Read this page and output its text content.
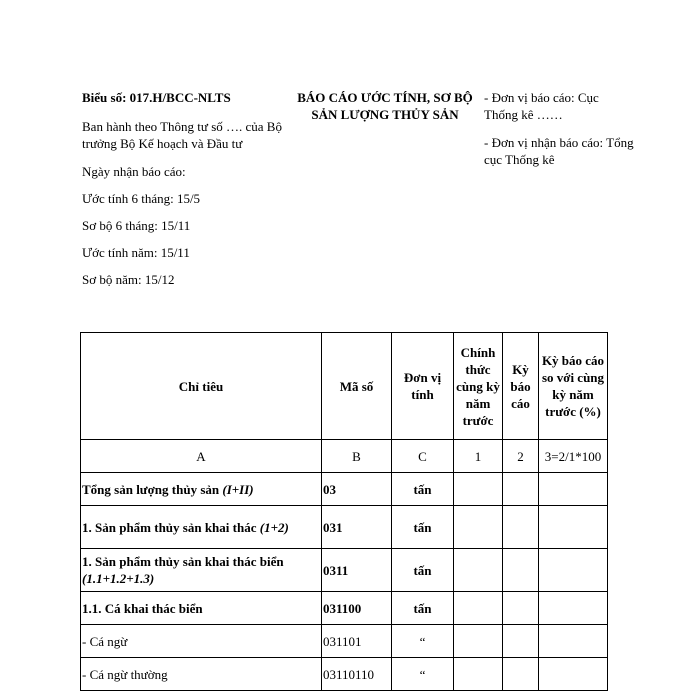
Biểu số: 017.H/BCC-NLTS
Ban hành theo Thông tư số …. của Bộ trưởng Bộ Kế hoạch và Đầu tư
Ngày nhận báo cáo:
Ước tính 6 tháng: 15/5
Sơ bộ 6 tháng: 15/11
Ước tính năm: 15/11
Sơ bộ năm: 15/12
BÁO CÁO ƯỚC TÍNH, SƠ BỘ
SẢN LƯỢNG THỦY SẢN
- Đơn vị báo cáo: Cục Thống kê ……
- Đơn vị nhận báo cáo: Tổng cục Thống kê
Chỉ tiêu	Mã số	Đơn vị tính	Chính thức cùng kỳ năm trước	Kỳ báo cáo	Kỳ báo cáo so với cùng kỳ năm trước (%)
A	B	C	1	2	3=2/1*100
Tổng sản lượng thủy sản (I+II)	03	tấn			
1. Sản phẩm thủy sản khai thác (1+2)	031	tấn			
1. Sản phẩm thủy sản khai thác biển (1.1+1.2+1.3)	0311	tấn			
1.1. Cá khai thác biển	031100	tấn			
- Cá ngừ	031101	“			
- Cá ngừ thường	03110110	“			
